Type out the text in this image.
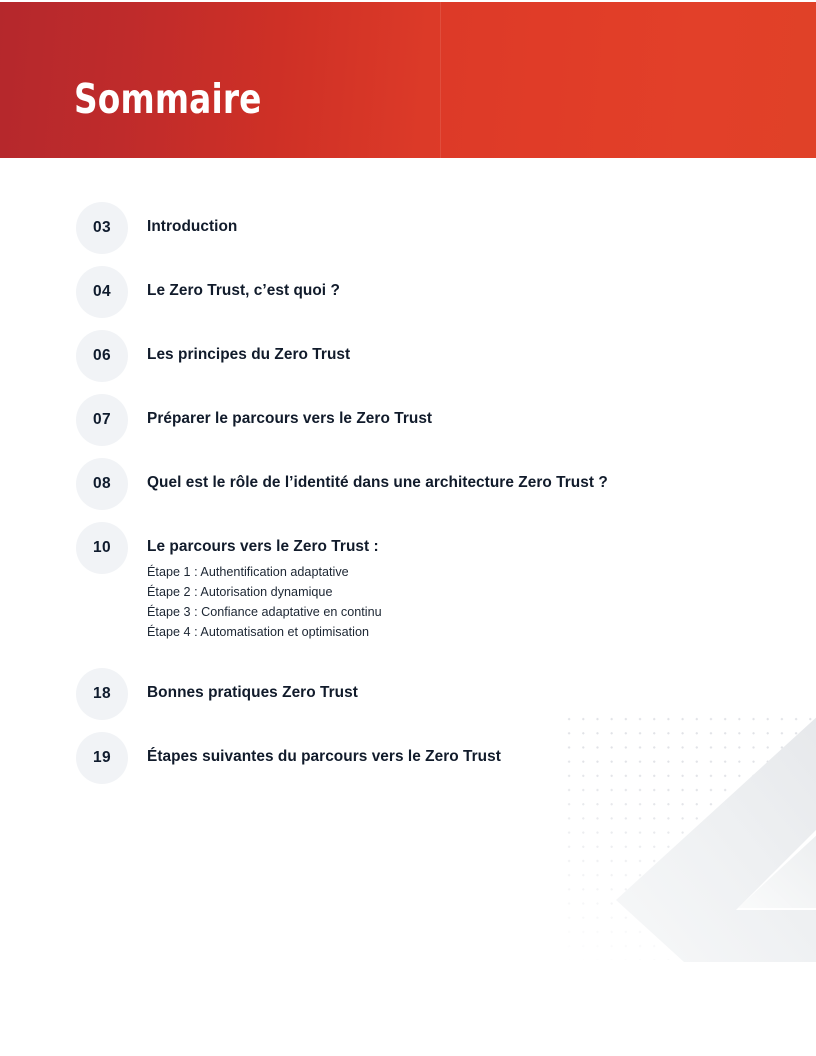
Sommaire
03 Introduction
04 Le Zero Trust, c’est quoi ?
06 Les principes du Zero Trust
07 Préparer le parcours vers le Zero Trust
08 Quel est le rôle de l’identité dans une architecture Zero Trust ?
10 Le parcours vers le Zero Trust :
Étape 1 : Authentification adaptative
Étape 2 : Autorisation dynamique
Étape 3 : Confiance adaptative en continu
Étape 4 : Automatisation et optimisation
18 Bonnes pratiques Zero Trust
19 Étapes suivantes du parcours vers le Zero Trust
